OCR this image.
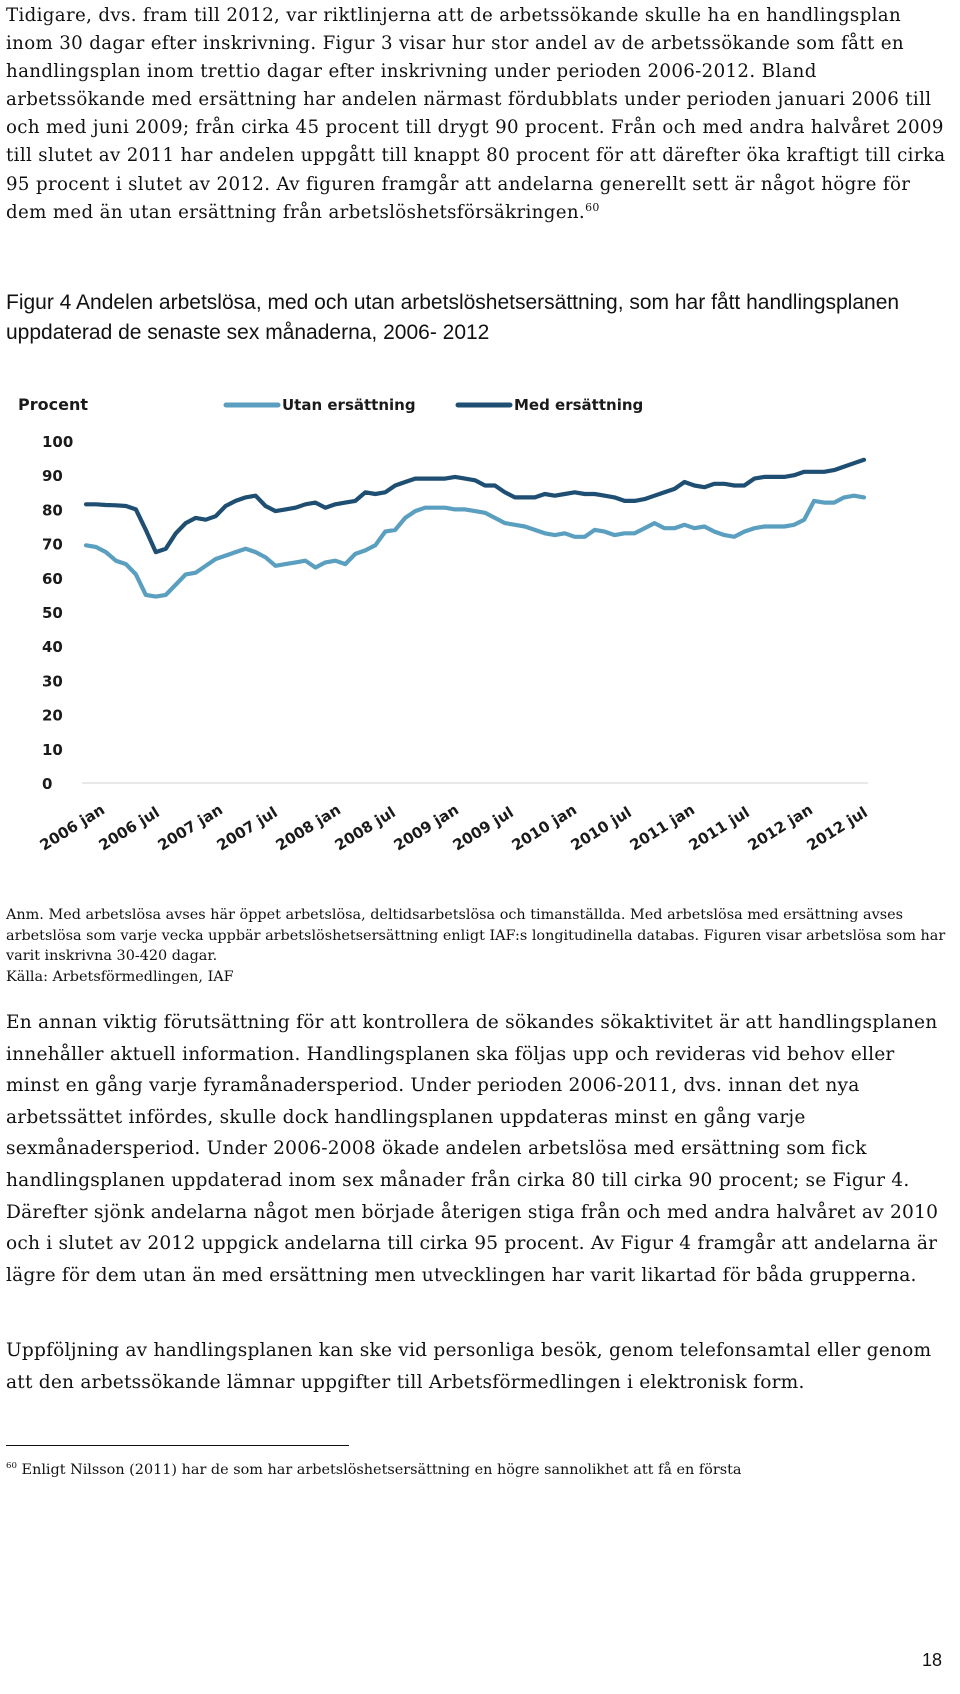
Tidigare, dvs. fram till 2012, var riktlinjerna att de arbetssökande skulle ha en handlingsplan inom 30 dagar efter inskrivning. Figur 3 visar hur stor andel av de arbetssökande som fått en handlingsplan inom trettio dagar efter inskrivning under perioden 2006-2012. Bland arbetssökande med ersättning har andelen närmast fördubblats under perioden januari 2006 till och med juni 2009; från cirka 45 procent till drygt 90 procent. Från och med andra halvåret 2009 till slutet av 2011 har andelen uppgått till knappt 80 procent för att därefter öka kraftigt till cirka 95 procent i slutet av 2012. Av figuren framgår att andelarna generellt sett är något högre för dem med än utan ersättning från arbetslöshetsförsäkringen.$^{60}$

Figur 4 Andelen arbetslösa, med och utan arbetslöshetsersättning, som har fått handlingsplanen uppdaterad de senaste sex månaderna, 2006- 2012

Procent
0
10
20
30
40
50
60
70
80
90
100
2006 jan
2006 jul
2007 jan
2007 jul
2008 jan
2008 jul
2009 jan
2009 jul
2010 jan
2010 jul
2011 jan
2011 jul
2012 jan
2012 jul
Utan ersättning	Med ersättning

Anm. Med arbetslösa avses här öppet arbetslösa, deltidsarbetslösa och timanställda. Med arbetslösa med ersättning avses arbetslösa som varje vecka uppbär arbetslöshetsersättning enligt IAF:s longitudinella databas. Figuren visar arbetslösa som har varit inskrivna 30-420 dagar.

Källa: Arbetsförmedlingen, IAF

En annan viktig förutsättning för att kontrollera de sökandes sökaktivitet är att handlingsplanen innehåller aktuell information. Handlingsplanen ska följas upp och revideras vid behov eller minst en gång varje fyramånadersperiod. Under perioden 2006-2011, dvs. innan det nya arbetssättet infördes, skulle dock handlingsplanen uppdateras minst en gång varje sexmånadersperiod. Under 2006-2008 ökade andelen arbetslösa med ersättning som fick handlingsplanen uppdaterad inom sex månader från cirka 80 till cirka 90 procent; se Figur 4. Därefter sjönk andelarna något men började återigen stiga från och med andra halvåret av 2010 och i slutet av 2012 uppgick andelarna till cirka 95 procent. Av Figur 4 framgår att andelarna är lägre för dem utan än med ersättning men utvecklingen har varit likartad för båda grupperna.

Uppföljning av handlingsplanen kan ske vid personliga besök, genom telefonsamtal eller genom att den arbetssökande lämnar uppgifter till Arbetsförmedlingen i elektronisk form.

$^{60}$ Enligt Nilsson (2011) har de som har arbetslöshetsersättning en högre sannolikhet att få en första

18
